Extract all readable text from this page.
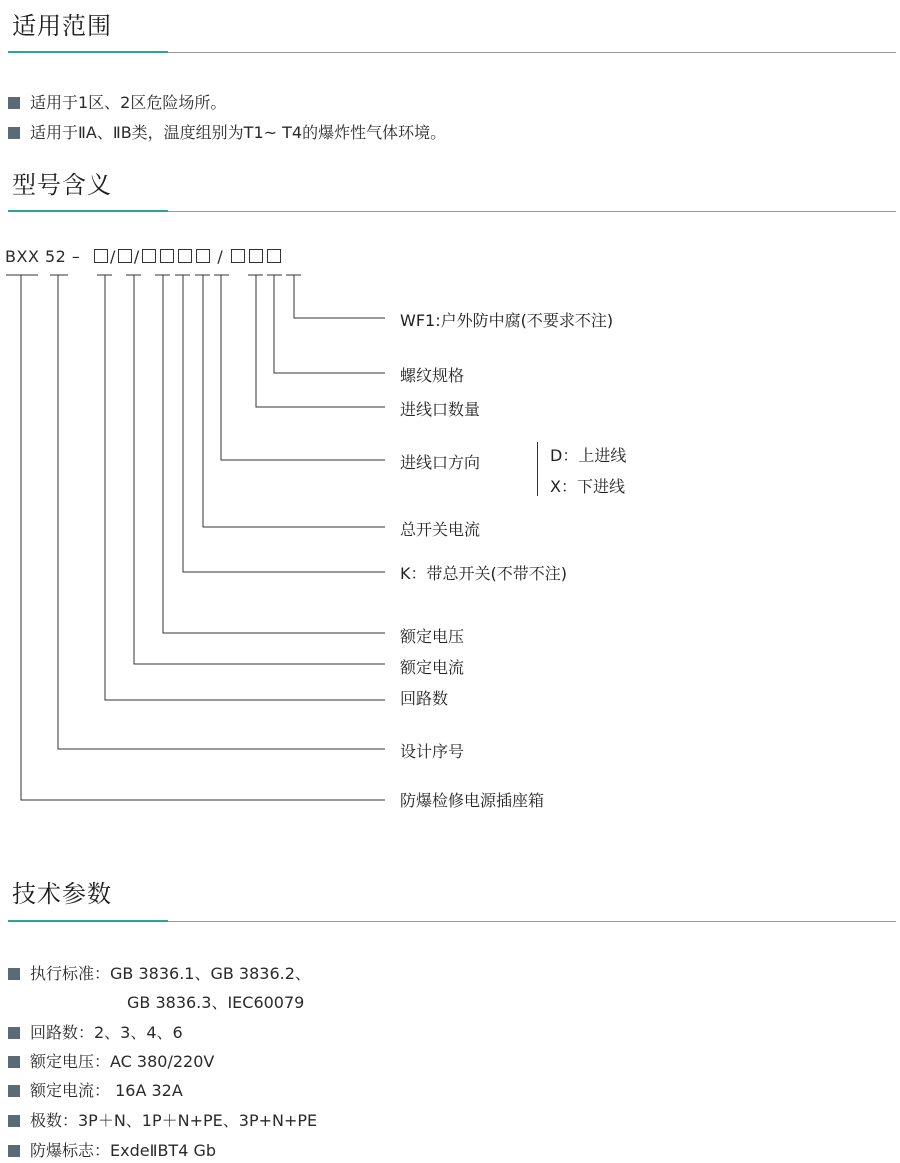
适用范围
适用于1区、2区危险场所。
适用于ⅡA、ⅡB类，温度组别为T1~ T4的爆炸性气体环境。
型号含义
BXX 52 – / /	/
WF1:户外防中腐(不要求不注)
螺纹规格
进线口数量
进线口方向	D：上进线
X：下进线
总开关电流
K：带总开关(不带不注)
额定电压
额定电流
回路数
设计序号
防爆检修电源插座箱
技术参数
执行标准：GB 3836.1、GB 3836.2、
GB 3836.3、IEC60079
回路数：2、3、4、6
额定电压：AC 380/220V
额定电流： 16A 32A
极数：3P＋N、1P＋N+PE、3P+N+PE
防爆标志：ExdeⅡBT4 Gb
